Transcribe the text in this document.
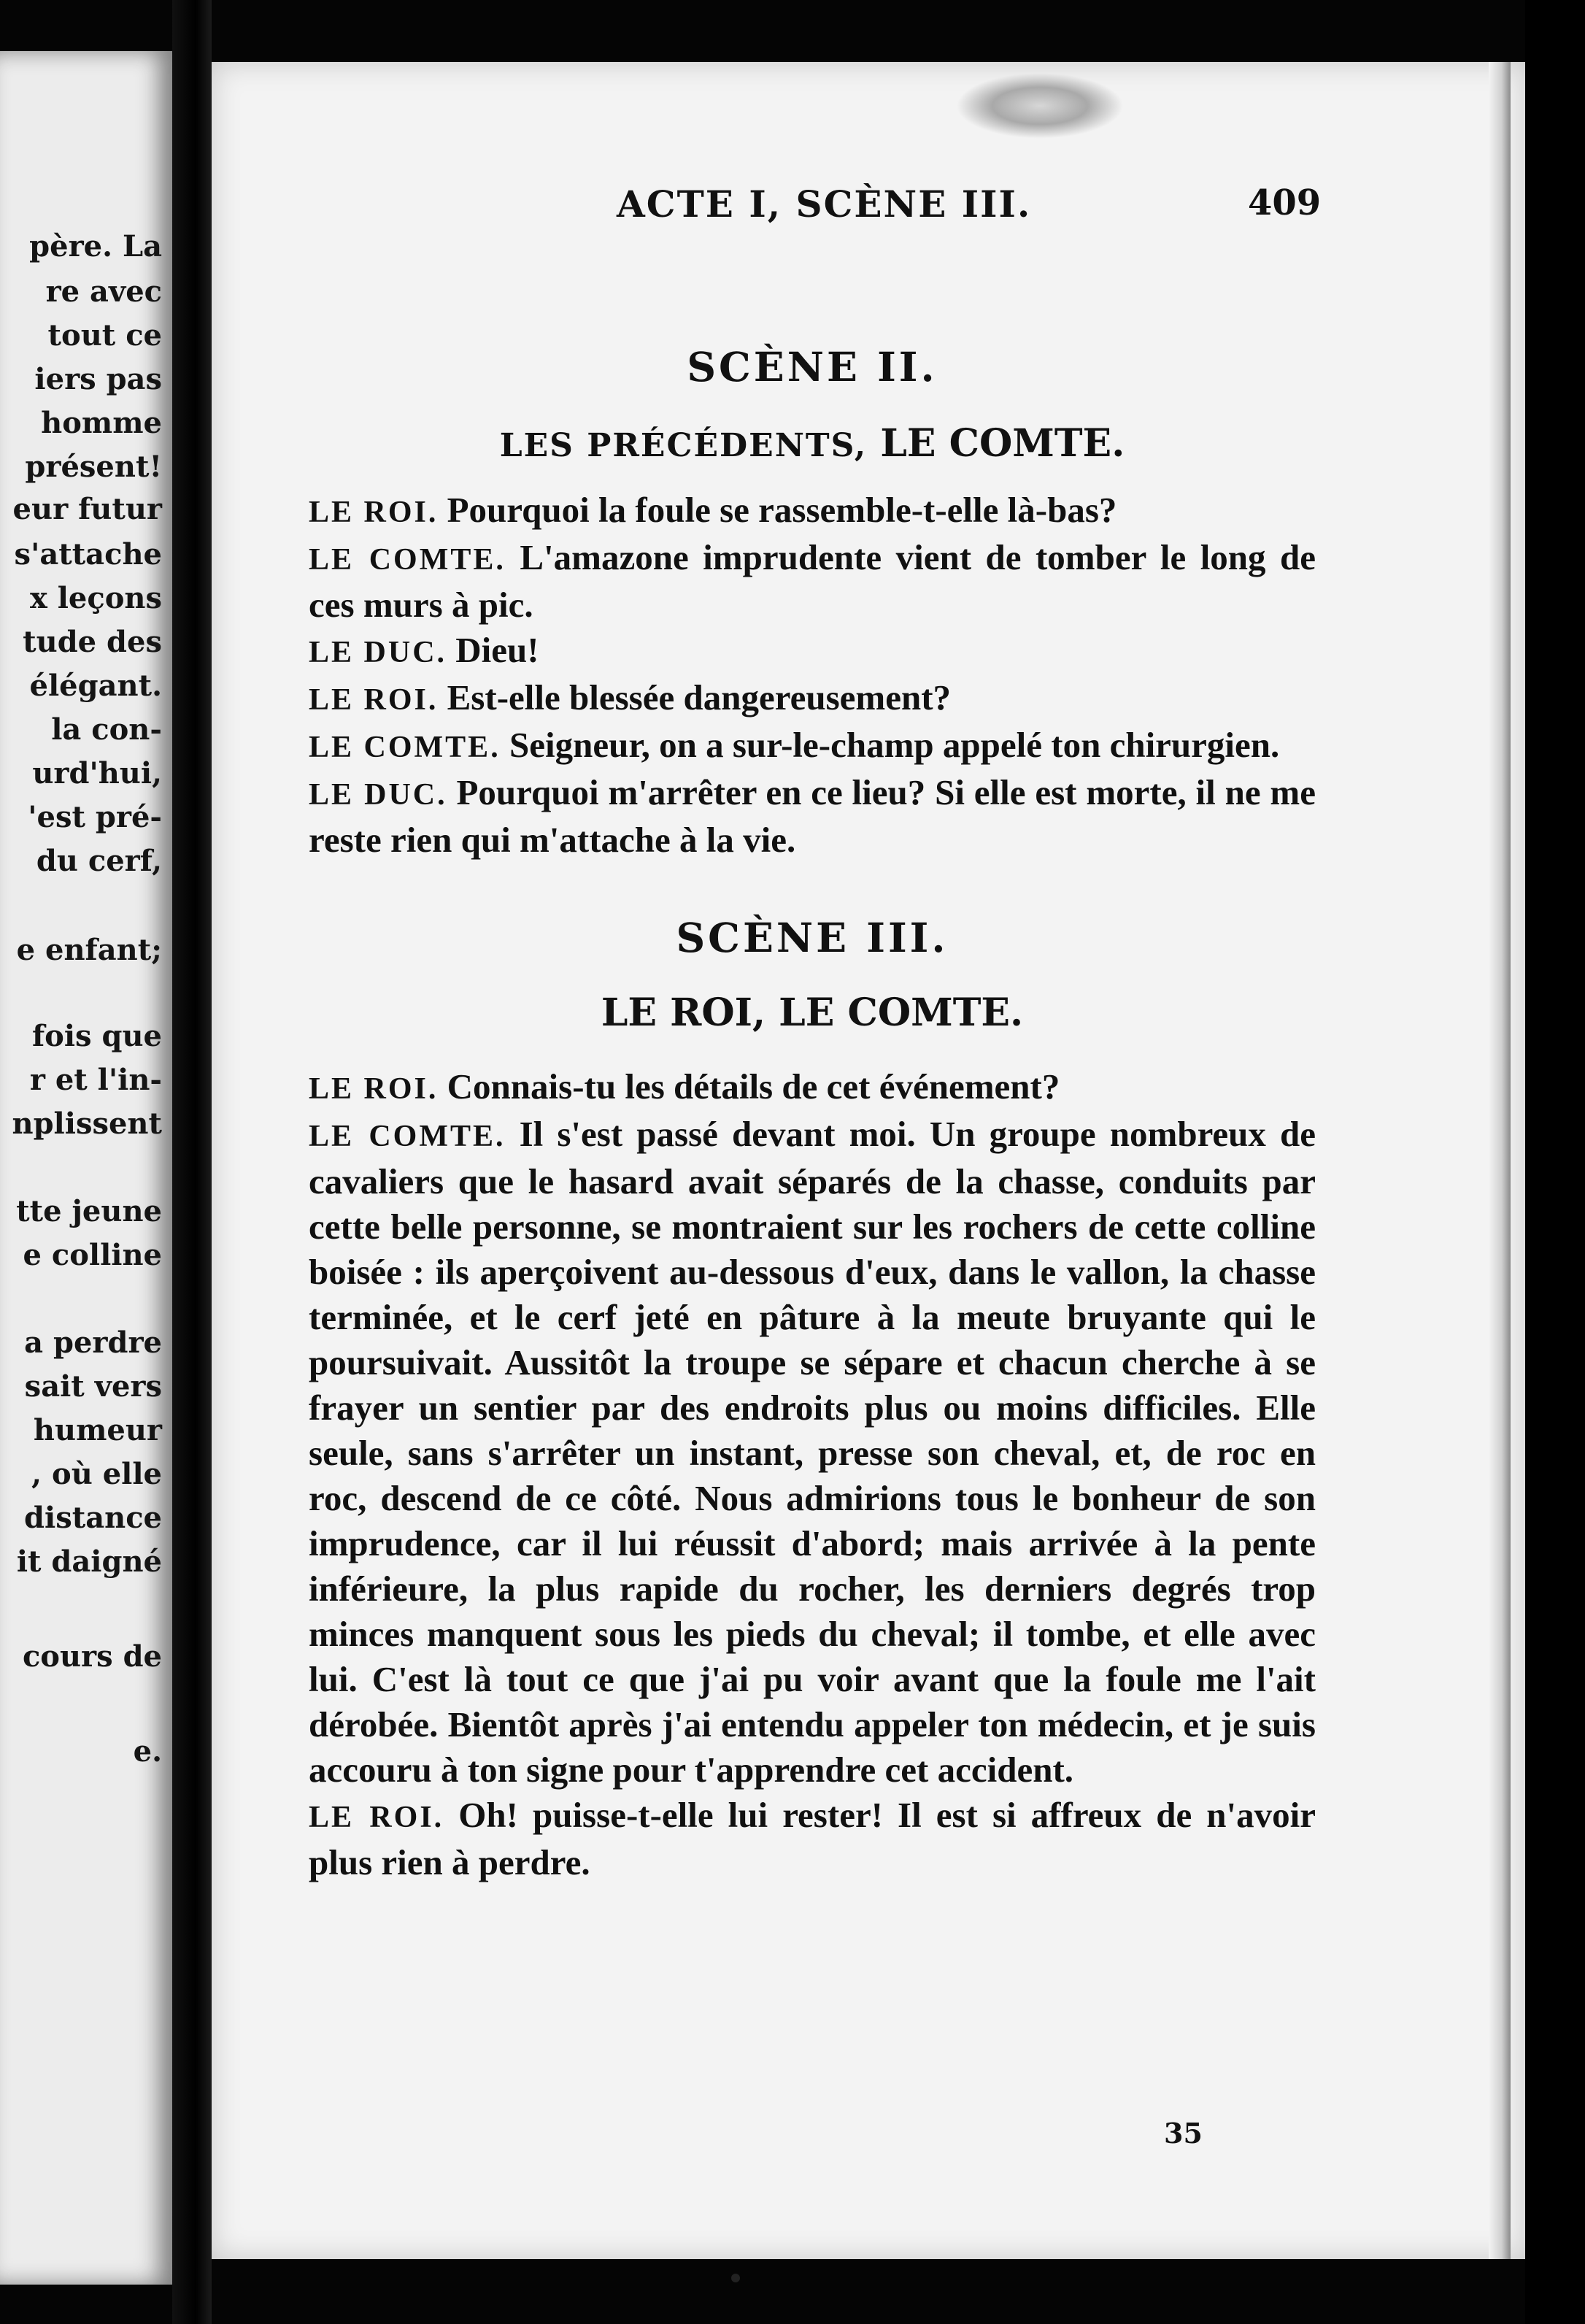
père. La
re avec
tout ce
iers pas
homme
présent!
eur futur
s'attache
x leçons
tude des
élégant.
la con-
urd'hui,
'est pré-
du cerf,
e enfant;
fois que
r et l'in-
nplissent
tte jeune
e colline
a perdre
sait vers
humeur
, où elle
distance
it daigné
cours de
e.
ACTE I, SCÈNE III.	409

SCÈNE II.

LES PRÉCÉDENTS, LE COMTE.

LE ROI. Pourquoi la foule se rassemble-t-elle là-bas?

LE COMTE. L'amazone imprudente vient de tomber le long de ces murs à pic.

LE DUC. Dieu!

LE ROI. Est-elle blessée dangereusement?

LE COMTE. Seigneur, on a sur-le-champ appelé ton chirurgien.

LE DUC. Pourquoi m'arrêter en ce lieu? Si elle est morte, il ne me reste rien qui m'attache à la vie.

SCÈNE III.

LE ROI, LE COMTE.

LE ROI. Connais-tu les détails de cet événement?

LE COMTE. Il s'est passé devant moi. Un groupe nombreux de cavaliers que le hasard avait séparés de la chasse, conduits par cette belle personne, se montraient sur les rochers de cette colline boisée : ils aperçoivent au-dessous d'eux, dans le vallon, la chasse terminée, et le cerf jeté en pâture à la meute bruyante qui le poursuivait. Aussitôt la troupe se sépare et chacun cherche à se frayer un sentier par des endroits plus ou moins difficiles. Elle seule, sans s'arrêter un instant, presse son cheval, et, de roc en roc, descend de ce côté. Nous admirions tous le bonheur de son imprudence, car il lui réussit d'abord; mais arrivée à la pente inférieure, la plus rapide du rocher, les derniers degrés trop minces manquent sous les pieds du cheval; il tombe, et elle avec lui. C'est là tout ce que j'ai pu voir avant que la foule me l'ait dérobée. Bientôt après j'ai entendu appeler ton médecin, et je suis accouru à ton signe pour t'apprendre cet accident.

LE ROI. Oh! puisse-t-elle lui rester! Il est si affreux de n'avoir plus rien à perdre.

35
